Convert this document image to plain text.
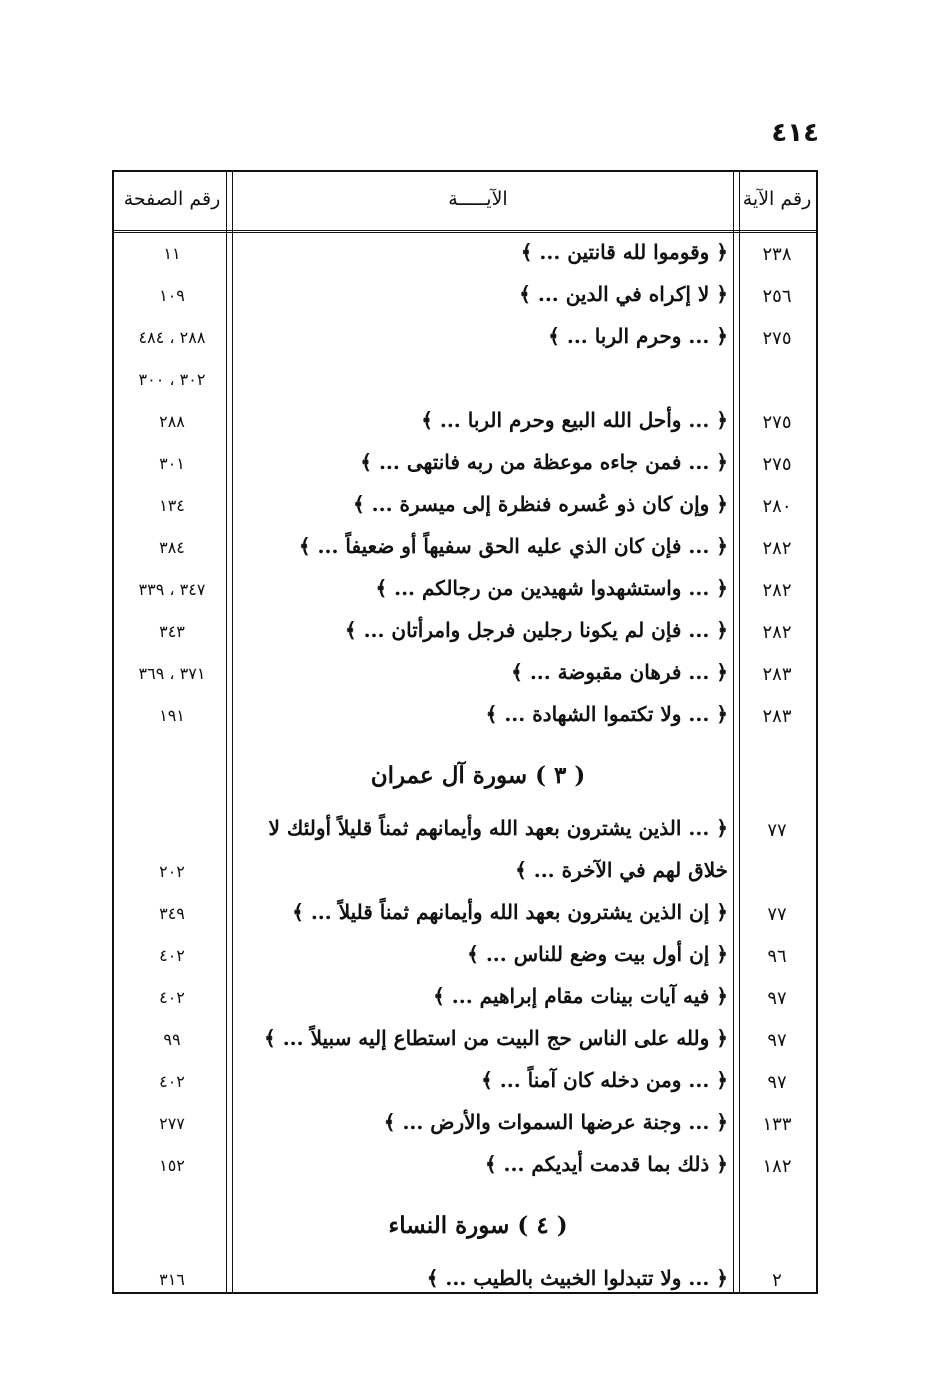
٤١٤
رقم الآية
الآيـــــة
رقم الصفحة
٢٣٨
﴿ وقوموا لله قانتين ... ﴾
١١
٢٥٦
﴿ لا إكراه في الدين ... ﴾
١٠٩
٢٧٥
﴿ ... وحرم الربا ... ﴾
٢٨٨ ، ٤٨٤
٣٠٢ ، ٣٠٠
٢٧٥
﴿ ... وأحل الله البيع وحرم الربا ... ﴾
٢٨٨
٢٧٥
﴿ ... فمن جاءه موعظة من ربه فانتهى ... ﴾
٣٠١
٢٨٠
﴿ وإن كان ذو عُسره فنظرة إلى ميسرة ... ﴾
١٣٤
٢٨٢
﴿ ... فإن كان الذي عليه الحق سفيهاً أو ضعيفاً ... ﴾
٣٨٤
٢٨٢
﴿ ... واستشهدوا شهيدين من رجالكم ... ﴾
٣٤٧ ، ٣٣٩
٢٨٢
﴿ ... فإن لم يكونا رجلين فرجل وامرأتان ... ﴾
٣٤٣
٢٨٣
﴿ ... فرهان مقبوضة ... ﴾
٣٧١ ، ٣٦٩
٢٨٣
﴿ ... ولا تكتموا الشهادة ... ﴾
١٩١
( ٣ ) سورة آل عمران
٧٧
﴿ ... الذين يشترون بعهد الله وأيمانهم ثمناً قليلاً أولئك لا
خلاق لهم في الآخرة ... ﴾
٢٠٢
٧٧
﴿ إن الذين يشترون بعهد الله وأيمانهم ثمناً قليلاً ... ﴾
٣٤٩
٩٦
﴿ إن أول بيت وضع للناس ... ﴾
٤٠٢
٩٧
﴿ فيه آيات بينات مقام إبراهيم ... ﴾
٤٠٢
٩٧
﴿ ولله على الناس حج البيت من استطاع إليه سبيلاً ... ﴾
٩٩
٩٧
﴿ ... ومن دخله كان آمناً ... ﴾
٤٠٢
١٣٣
﴿ ... وجنة عرضها السموات والأرض ... ﴾
٢٧٧
١٨٢
﴿ ذلك بما قدمت أيديكم ... ﴾
١٥٢
( ٤ ) سورة النساء
٢
﴿ ... ولا تتبدلوا الخبيث بالطيب ... ﴾
٣١٦
